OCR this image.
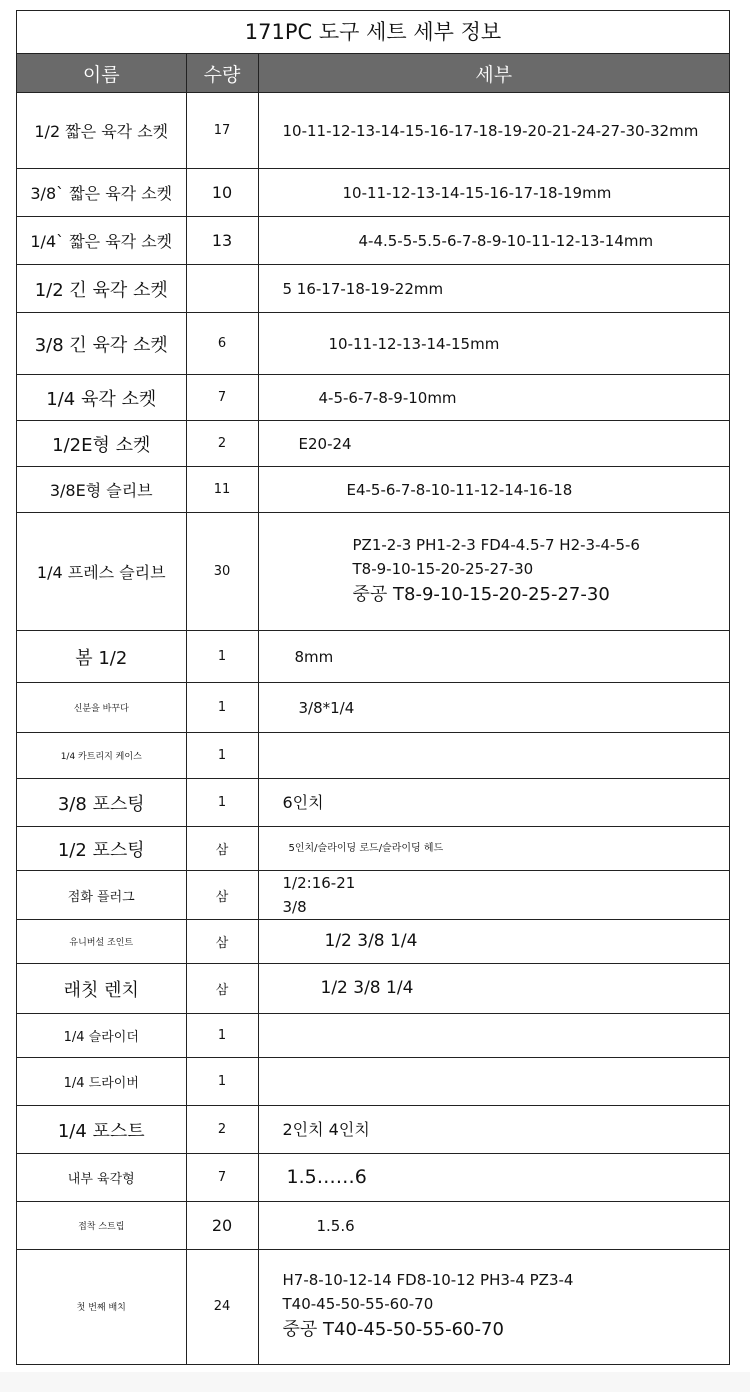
171PC 도구 세트 세부 정보
이름	수량	세부
1/2 짧은 육각 소켓	17	10-11-12-13-14-15-16-17-18-19-20-21-24-27-30-32mm

3/8` 짧은 육각 소켓	10	10-11-12-13-14-15-16-17-18-19mm

1/4` 짧은 육각 소켓	13	4-4.5-5-5.5-6-7-8-9-10-11-12-13-14mm

1/2 긴 육각 소켓		5 16-17-18-19-22mm

3/8 긴 육각 소켓	6	10-11-12-13-14-15mm

1/4 육각 소켓	7	4-5-6-7-8-9-10mm

1/2E형 소켓	2	E20-24

3/8E형 슬리브	11	E4-5-6-7-8-10-11-12-14-16-18

1/4 프레스 슬리브	30	PZ1-2-3 PH1-2-3 FD4-4.5-7 H2-3-4-5-6
T8-9-10-15-20-25-27-30
중공 T8-9-10-15-20-25-27-30

봄 1/2	1	8mm

신분을 바꾸다	1	3/8*1/4

1/4 카트리지 케이스	1	
3/8 포스팅	1	6인치

1/2 포스팅	삼	5인치/슬라이딩 로드/슬라이딩 헤드

점화 플러그	삼	1/2:16-21
3/8

유니버설 조인트	삼	1/2 3/8 1/4

래칫 렌치	삼	1/2 3/8 1/4

1/4 슬라이더	1	
1/4 드라이버	1	
1/4 포스트	2	2인치 4인치

내부 육각형	7	1.5……6

접착 스트립	20	1.5.6

첫 번째 배치	24	H7-8-10-12-14 FD8-10-12 PH3-4 PZ3-4
T40-45-50-55-60-70
중공 T40-45-50-55-60-70
